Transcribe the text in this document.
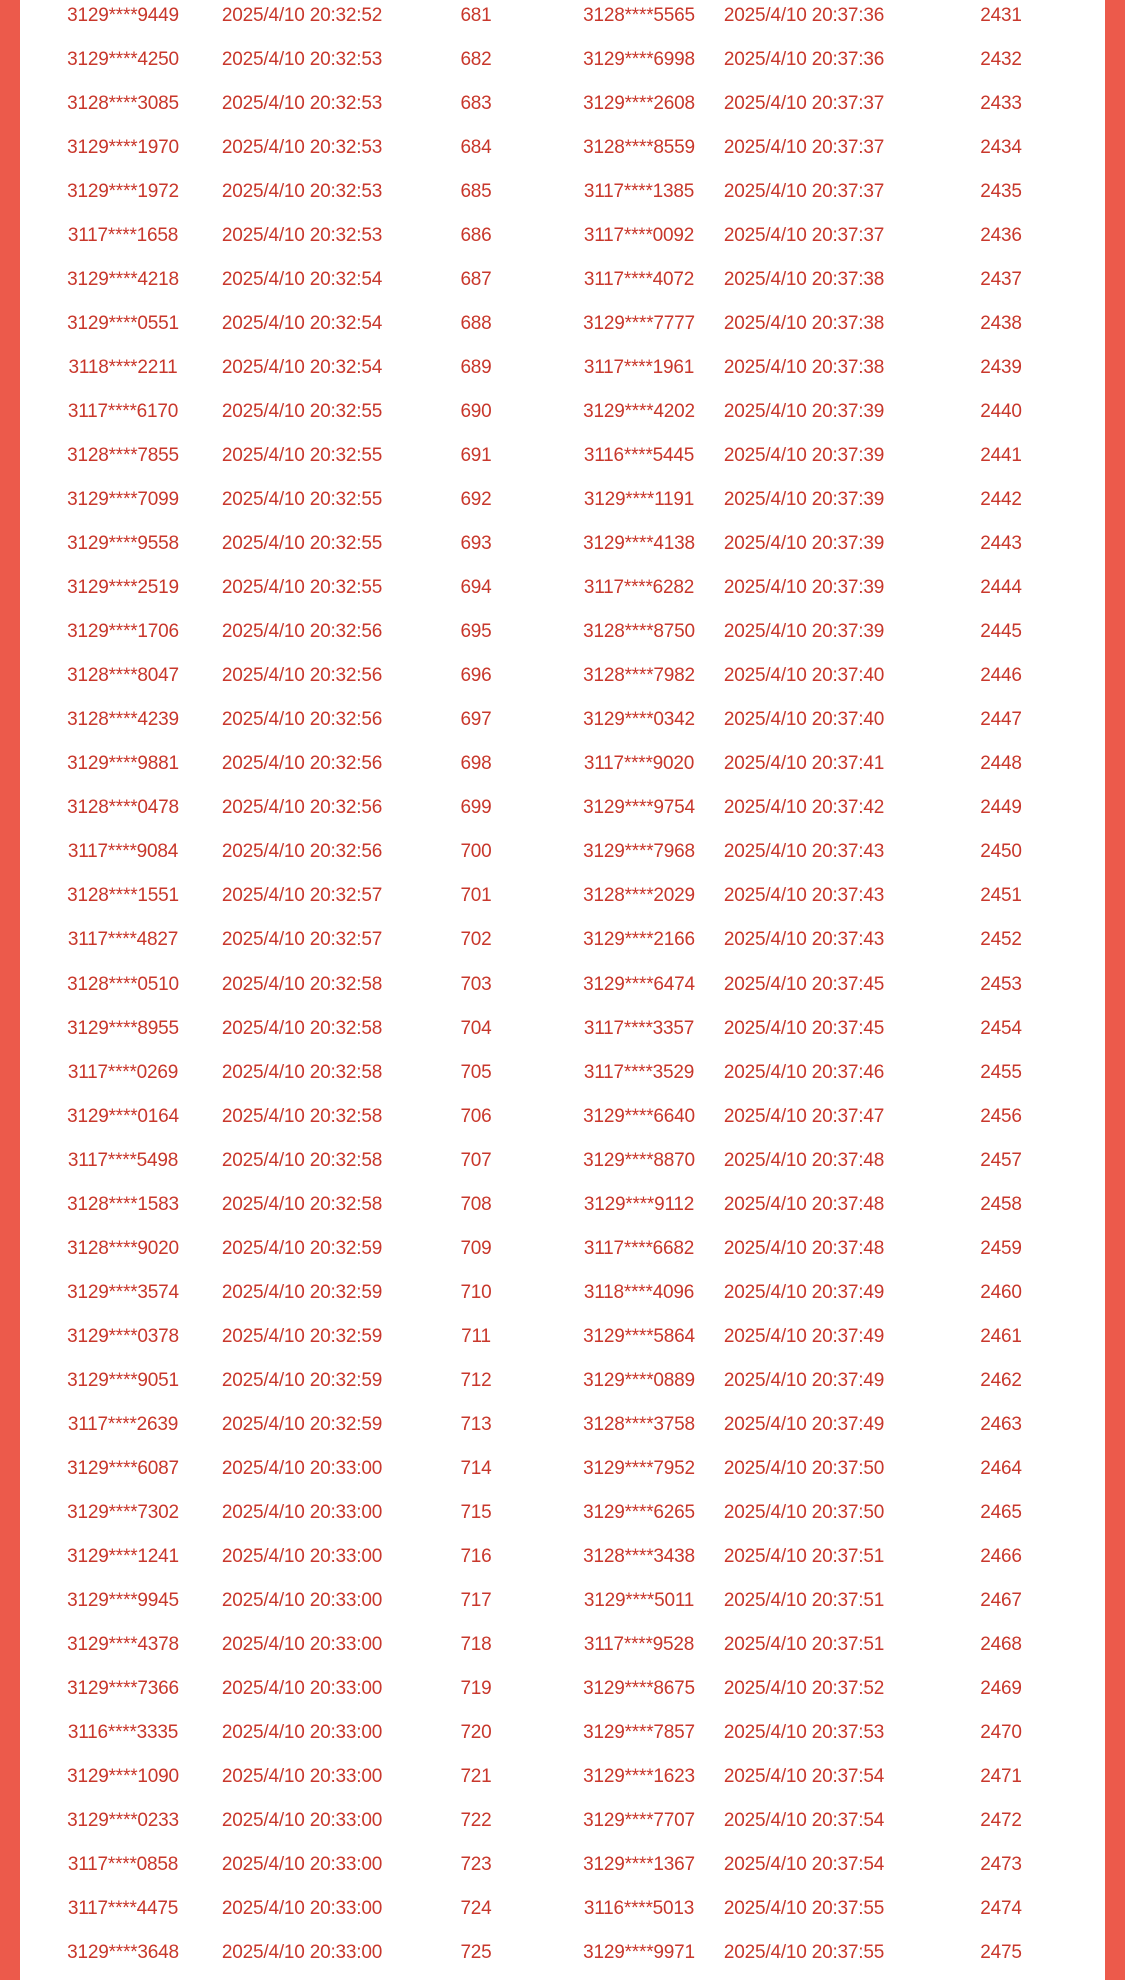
3129****9449 2025/4/10 20:32:52	681	3128****5565 2025/4/10 20:37:36	2431
3129****4250 2025/4/10 20:32:53	682	3129****6998 2025/4/10 20:37:36	2432
3128****3085 2025/4/10 20:32:53	683	3129****2608 2025/4/10 20:37:37	2433
3129****1970 2025/4/10 20:32:53	684	3128****8559 2025/4/10 20:37:37	2434
3129****1972 2025/4/10 20:32:53	685	3117****1385 2025/4/10 20:37:37	2435
3117****1658 2025/4/10 20:32:53	686	3117****0092 2025/4/10 20:37:37	2436
3129****4218 2025/4/10 20:32:54	687	3117****4072 2025/4/10 20:37:38	2437
3129****0551 2025/4/10 20:32:54	688	3129****7777 2025/4/10 20:37:38	2438
3118****2211 2025/4/10 20:32:54	689	3117****1961 2025/4/10 20:37:38	2439
3117****6170 2025/4/10 20:32:55	690	3129****4202 2025/4/10 20:37:39	2440
3128****7855 2025/4/10 20:32:55	691	3116****5445 2025/4/10 20:37:39	2441
3129****7099 2025/4/10 20:32:55	692	3129****1191 2025/4/10 20:37:39	2442
3129****9558 2025/4/10 20:32:55	693	3129****4138 2025/4/10 20:37:39	2443
3129****2519 2025/4/10 20:32:55	694	3117****6282 2025/4/10 20:37:39	2444
3129****1706 2025/4/10 20:32:56	695	3128****8750 2025/4/10 20:37:39	2445
3128****8047 2025/4/10 20:32:56	696	3128****7982 2025/4/10 20:37:40	2446
3128****4239 2025/4/10 20:32:56	697	3129****0342 2025/4/10 20:37:40	2447
3129****9881 2025/4/10 20:32:56	698	3117****9020 2025/4/10 20:37:41	2448
3128****0478 2025/4/10 20:32:56	699	3129****9754 2025/4/10 20:37:42	2449
3117****9084 2025/4/10 20:32:56	700	3129****7968 2025/4/10 20:37:43	2450
3128****1551 2025/4/10 20:32:57	701	3128****2029 2025/4/10 20:37:43	2451
3117****4827 2025/4/10 20:32:57	702	3129****2166 2025/4/10 20:37:43	2452
3128****0510 2025/4/10 20:32:58	703	3129****6474 2025/4/10 20:37:45	2453
3129****8955 2025/4/10 20:32:58	704	3117****3357 2025/4/10 20:37:45	2454
3117****0269 2025/4/10 20:32:58	705	3117****3529 2025/4/10 20:37:46	2455
3129****0164 2025/4/10 20:32:58	706	3129****6640 2025/4/10 20:37:47	2456
3117****5498 2025/4/10 20:32:58	707	3129****8870 2025/4/10 20:37:48	2457
3128****1583 2025/4/10 20:32:58	708	3129****9112 2025/4/10 20:37:48	2458
3128****9020 2025/4/10 20:32:59	709	3117****6682 2025/4/10 20:37:48	2459
3129****3574 2025/4/10 20:32:59	710	3118****4096 2025/4/10 20:37:49	2460
3129****0378 2025/4/10 20:32:59	711	3129****5864 2025/4/10 20:37:49	2461
3129****9051 2025/4/10 20:32:59	712	3129****0889 2025/4/10 20:37:49	2462
3117****2639 2025/4/10 20:32:59	713	3128****3758 2025/4/10 20:37:49	2463
3129****6087 2025/4/10 20:33:00	714	3129****7952 2025/4/10 20:37:50	2464
3129****7302 2025/4/10 20:33:00	715	3129****6265 2025/4/10 20:37:50	2465
3129****1241 2025/4/10 20:33:00	716	3128****3438 2025/4/10 20:37:51	2466
3129****9945 2025/4/10 20:33:00	717	3129****5011 2025/4/10 20:37:51	2467
3129****4378 2025/4/10 20:33:00	718	3117****9528 2025/4/10 20:37:51	2468
3129****7366 2025/4/10 20:33:00	719	3129****8675 2025/4/10 20:37:52	2469
3116****3335 2025/4/10 20:33:00	720	3129****7857 2025/4/10 20:37:53	2470
3129****1090 2025/4/10 20:33:00	721	3129****1623 2025/4/10 20:37:54	2471
3129****0233 2025/4/10 20:33:00	722	3129****7707 2025/4/10 20:37:54	2472
3117****0858 2025/4/10 20:33:00	723	3129****1367 2025/4/10 20:37:54	2473
3117****4475 2025/4/10 20:33:00	724	3116****5013 2025/4/10 20:37:55	2474
3129****3648 2025/4/10 20:33:00	725	3129****9971 2025/4/10 20:37:55	2475
